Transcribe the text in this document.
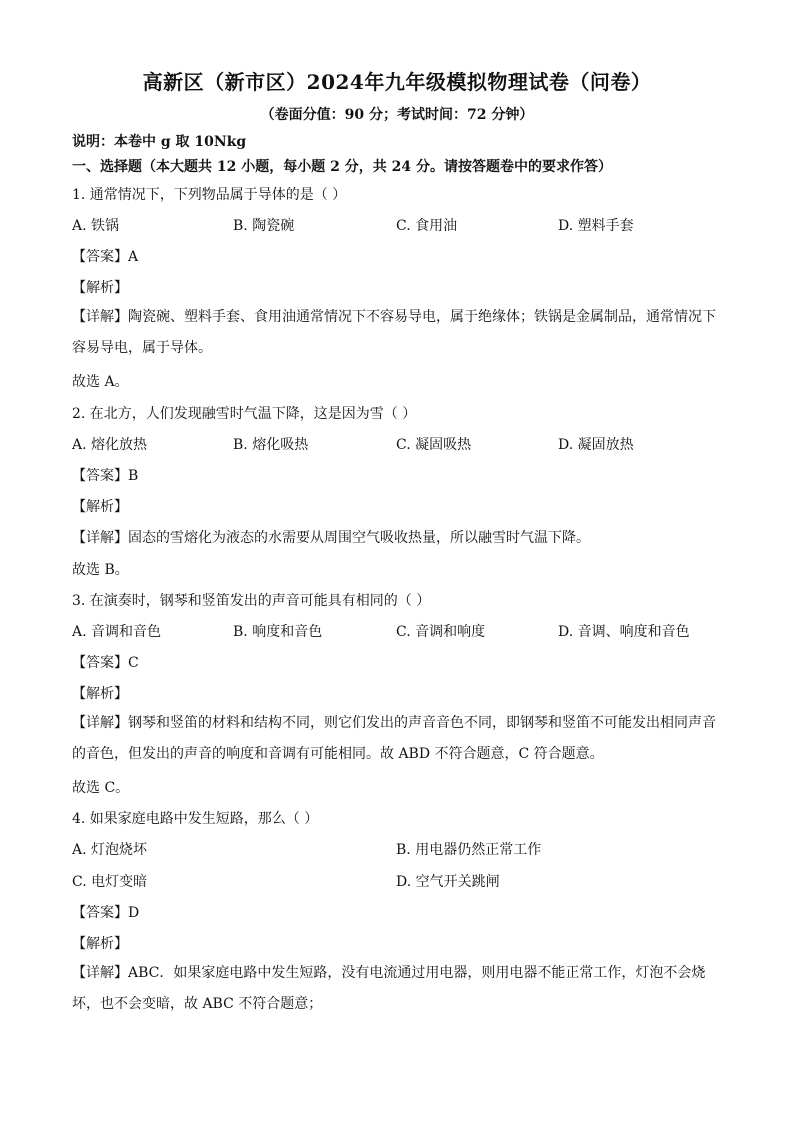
高新区（新市区）2024年九年级模拟物理试卷（问卷）
（卷面分值：90 分；考试时间：72 分钟）
说明：本卷中 g 取 10Nkg
一、选择题（本大题共 12 小题，每小题 2 分，共 24 分。请按答题卷中的要求作答）
1. 通常情况下，下列物品属于导体的是（ ）
A. 铁锅	B. 陶瓷碗	C. 食用油	D. 塑料手套
【答案】A
【解析】
【详解】陶瓷碗、塑料手套、食用油通常情况下不容易导电，属于绝缘体；铁锅是金属制品，通常情况下容易导电，属于导体。
故选 A。
2. 在北方，人们发现融雪时气温下降，这是因为雪（ ）
A. 熔化放热	B. 熔化吸热	C. 凝固吸热	D. 凝固放热
【答案】B
【解析】
【详解】固态的雪熔化为液态的水需要从周围空气吸收热量，所以融雪时气温下降。
故选 B。
3. 在演奏时，钢琴和竖笛发出的声音可能具有相同的（ ）
A. 音调和音色	B. 响度和音色	C. 音调和响度	D. 音调、响度和音色
【答案】C
【解析】
【详解】钢琴和竖笛的材料和结构不同，则它们发出的声音音色不同，即钢琴和竖笛不可能发出相同声音的音色，但发出的声音的响度和音调有可能相同。故 ABD 不符合题意，C 符合题意。
故选 C。
4. 如果家庭电路中发生短路，那么（ ）
A. 灯泡烧坏	B. 用电器仍然正常工作
C. 电灯变暗	D. 空气开关跳闸
【答案】D
【解析】
【详解】ABC．如果家庭电路中发生短路，没有电流通过用电器，则用电器不能正常工作，灯泡不会烧坏，也不会变暗，故 ABC 不符合题意；
